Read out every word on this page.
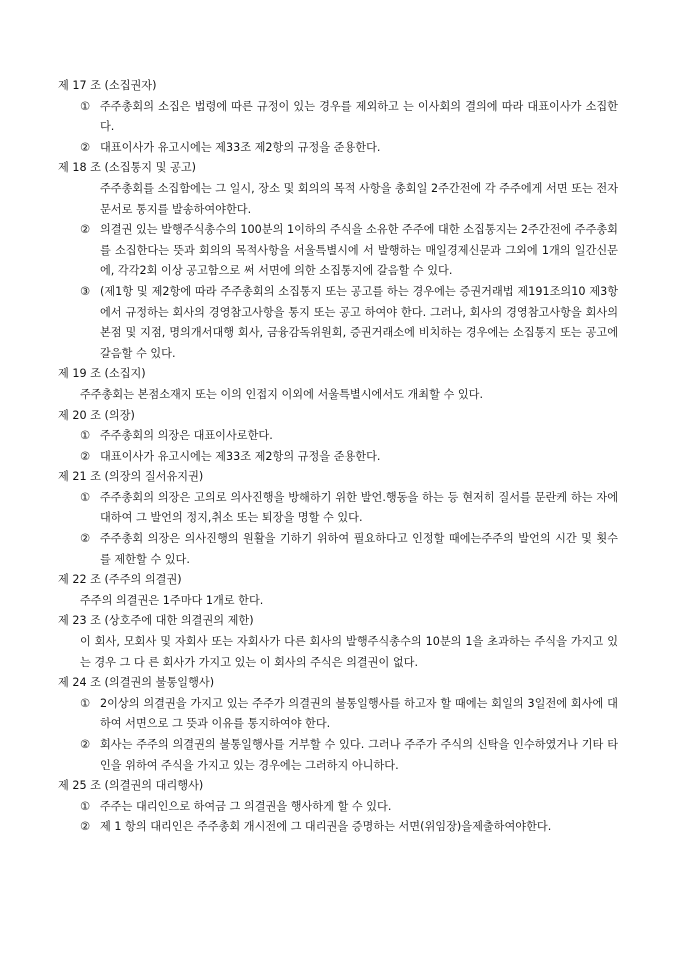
제 17 조 (소집권자)
① 주주총회의 소집은 법령에 따른 규정이 있는 경우를 제외하고 는 이사회의 결의에 따라 대표이사가 소집한다.
② 대표이사가 유고시에는 제33조 제2항의 규정을 준용한다.
제 18 조 (소집통지 및 공고)
주주총회를 소집함에는 그 일시, 장소 및 회의의 목적 사항을 총회일 2주간전에 각 주주에게 서면 또는 전자문서로 통지를 발송하여야한다.
② 의결권 있는 발행주식총수의 100분의 1이하의 주식을 소유한 주주에 대한 소집통지는 2주간전에 주주총회를 소집한다는 뜻과 회의의 목적사항을 서울특별시에 서 발행하는 매일경제신문과 그외에 1개의 일간신문에, 각각2회 이상 공고함으로 써 서면에 의한 소집통지에 갈음할 수 있다.
③ (제1항 및 제2항에 따라 주주총회의 소집통지 또는 공고를 하는 경우에는 증권거래법 제191조의10 제3항에서 규정하는 회사의 경영참고사항을 통지 또는 공고 하여야 한다. 그러나, 회사의 경영참고사항을 회사의 본점 및 지점, 명의개서대행 회사, 금융감독위원회, 증권거래소에 비치하는 경우에는 소집통지 또는 공고에 갈음할 수 있다.
제 19 조 (소집지)
주주총회는 본점소재지 또는 이의 인접지 이외에 서울특별시에서도 개최할 수 있다.
제 20 조 (의장)
① 주주총회의 의장은 대표이사로한다.
② 대표이사가 유고시에는 제33조 제2항의 규정을 준용한다.
제 21 조 (의장의 질서유지권)
① 주주총회의 의장은 고의로 의사진행을 방해하기 위한 발언.행동을 하는 등 현저히 질서를 문란케 하는 자에 대하여 그 발언의 정지,취소 또는 퇴장을 명할 수 있다.
② 주주총회 의장은 의사진행의 원활을 기하기 위하여 필요하다고 인정할 때에는주주의 발언의 시간 및 횟수를 제한할 수 있다.
제 22 조 (주주의 의결권)
주주의 의결권은 1주마다 1개로 한다.
제 23 조 (상호주에 대한 의결권의 제한)
이 회사, 모회사 및 자회사 또는 자회사가 다른 회사의 발행주식총수의 10분의 1을 초과하는 주식을 가지고 있는 경우 그 다 른 회사가 가지고 있는 이 회사의 주식은 의결권이 없다.
제 24 조 (의결권의 불통일행사)
① 2이상의 의결권을 가지고 있는 주주가 의결권의 불통일행사를 하고자 할 때에는 회일의 3일전에 회사에 대하여 서면으로 그 뜻과 이유를 통지하여야 한다.
② 회사는 주주의 의결권의 불통일행사를 거부할 수 있다. 그러나 주주가 주식의 신탁을 인수하였거나 기타 타인을 위하여 주식을 가지고 있는 경우에는 그러하지 아니하다.
제 25 조 (의결권의 대리행사)
① 주주는 대리인으로 하여금 그 의결권을 행사하게 할 수 있다.
② 제 1 항의 대리인은 주주총회 개시전에 그 대리권을 증명하는 서면(위임장)을제출하여야한다.
